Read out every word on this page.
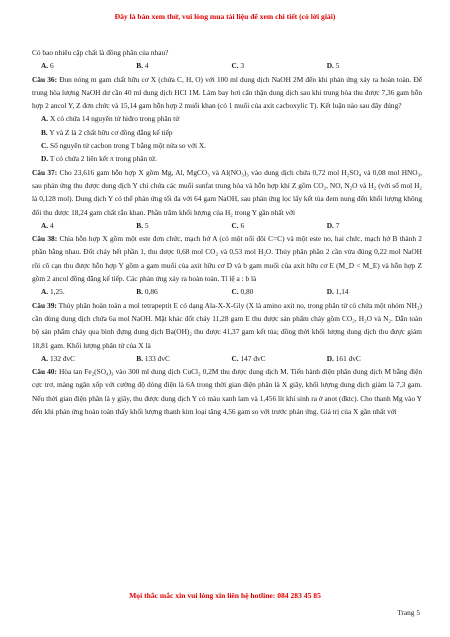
Đây là bản xem thử, vui lòng mua tài liệu để xem chi tiết (có lời giải)

Có bao nhiêu cặp chất là đồng phân của nhau?

A. 6	B. 4	C. 3	D. 5

Câu 36: Đun nóng m gam chất hữu cơ X (chứa C, H, O) với 100 ml dung dịch NaOH 2M đến khi phản ứng xảy ra hoàn toàn. Để trung hòa lượng NaOH dư cần 40 ml dung dịch HCl 1M. Làm bay hơi cẩn thận dung dịch sau khi trung hòa thu được 7,36 gam hỗn hợp 2 ancol Y, Z đơn chức và 15,14 gam hỗn hợp 2 muối khan (có 1 muối của axit cacboxylic T). Kết luận nào sau đây đúng?

A. X có chứa 14 nguyên tử hiđro trong phân tử
B. Y và Z là 2 chất hữu cơ đồng đẳng kế tiếp
C. Số nguyên tử cacbon trong T bằng một nửa so với X.
D. T có chứa 2 liên kết π trong phân tử.

Câu 37: Cho 23,616 gam hỗn hợp X gồm Mg, Al, MgCO₃ và Al(NO₃)₃ vào dung dịch chứa 0,72 mol H₂SO₄ và 0,08 mol HNO₃, sau phản ứng thu được dung dịch Y chỉ chứa các muối sunfat trung hòa và hỗn hợp khí Z gồm CO₂, NO, N₂O và H₂ (với số mol H₂ là 0,128 mol). Dung dịch Y có thể phản ứng tối đa với 64 gam NaOH, sau phản ứng lọc lấy kết tủa đem nung đến khối lượng không đổi thu được 18,24 gam chất rắn khan. Phần trăm khối lượng của H₂ trong Y gần nhất với

A. 4	B. 5	C. 6	D. 7

Câu 38: Chia hỗn hợp X gồm một este đơn chức, mạch hở A (có một nối đôi C=C) và một este no, hai chức, mạch hở B thành 2 phần bằng nhau. Đốt cháy hết phần 1, thu được 0,68 mol CO₂ và 0,53 mol H₂O. Thủy phân phần 2 cần vừa đúng 0,22 mol NaOH rồi cô cạn thu được hỗn hợp Y gồm a gam muối của axit hữu cơ D và b gam muối của axit hữu cơ E (M_D < M_E) và hỗn hợp Z gồm 2 ancol đồng đẳng kế tiếp. Các phản ứng xảy ra hoàn toàn. Tỉ lệ a : b là

A. 1,25.	B. 0,86	C. 0,80	D. 1,14

Câu 39: Thủy phân hoàn toàn a mol tetrapeptit E có dạng Ala-X-X-Gly (X là amino axit no, trong phân tử có chứa một nhóm NH₂) cần dùng dung dịch chứa 6a mol NaOH. Mặt khác đốt cháy 11,28 gam E thu được sản phẩm cháy gồm CO₂, H₂O và N₂. Dẫn toàn bộ sản phẩm cháy qua bình đựng dung dịch Ba(OH)₂ thu được 41,37 gam kết tủa; đồng thời khối lượng dung dịch thu được giảm 18,81 gam. Khối lượng phân tử của X là

A. 132 đvC	B. 133 đvC	C. 147 đvC	D. 161 đvC

Câu 40: Hòa tan Fe₂(SO₄)₃ vào 300 ml dung dịch CuCl₂ 0,2M thu được dung dịch M. Tiến hành điện phân dung dịch M bằng điện cực trơ, màng ngăn xốp với cường độ dòng điện là 6A trong thời gian điện phân là X giây, khối lượng dung dịch giảm là 7,3 gam. Nếu thời gian điện phân là y giây, thu được dung dịch Y có màu xanh lam và 1,456 lít khí sinh ra ở anot (đktc). Cho thanh Mg vào Y đến khi phản ứng hoàn toàn thấy khối lượng thanh kim loại tăng 4,56 gam so với trước phản ứng. Giá trị của X gần nhất với

Mọi thắc mắc xin vui lòng xin liên hệ hotline: 084 283 45 85
Trang 5
